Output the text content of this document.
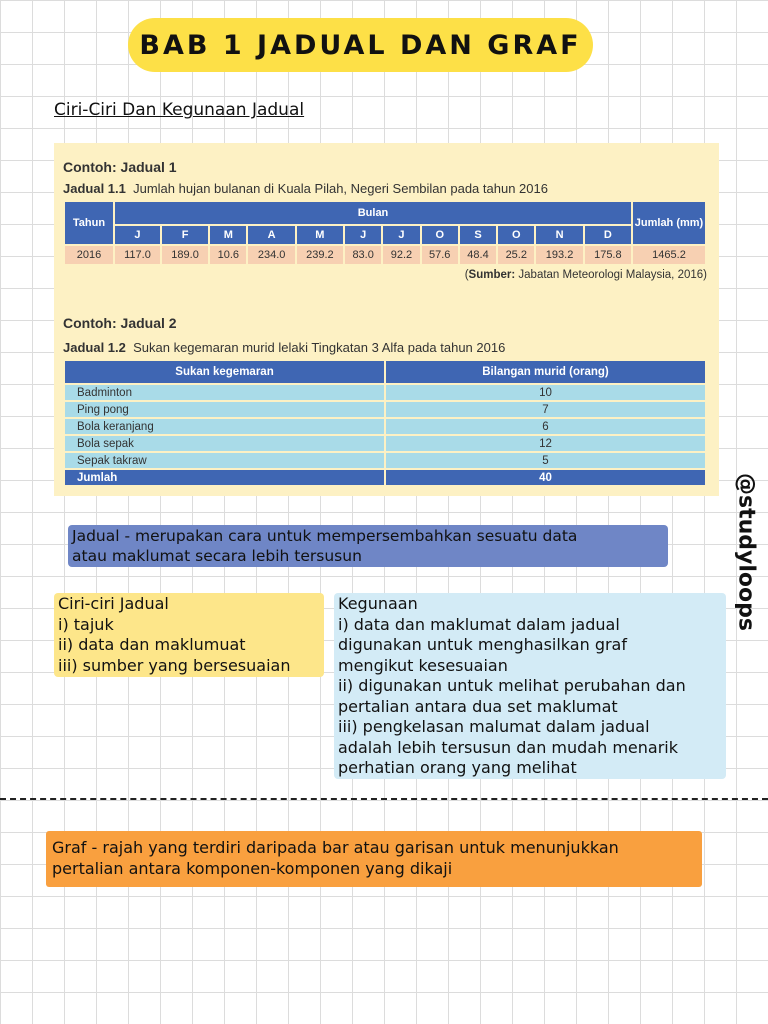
BAB 1 JADUAL DAN GRAF
Ciri-Ciri Dan Kegunaan Jadual
Contoh: Jadual 1
Jadual 1.1 Jumlah hujan bulanan di Kuala Pilah, Negeri Sembilan pada tahun 2016
Tahun	Bulan												Jumlah (mm)
	J	F	M	A	M	J	J	O	S	O	N	D	
2016	117.0	189.0	10.6	234.0	239.2	83.0	92.2	57.6	48.4	25.2	193.2	175.8	1465.2
(Sumber: Jabatan Meteorologi Malaysia, 2016)
Contoh: Jadual 2
Jadual 1.2 Sukan kegemaran murid lelaki Tingkatan 3 Alfa pada tahun 2016
Sukan kegemaran	Bilangan murid (orang)
Badminton	10
Ping pong	7
Bola keranjang	6
Bola sepak	12
Sepak takraw	5
Jumlah	40
Jadual - merupakan cara untuk mempersembahkan sesuatu data
atau maklumat secara lebih tersusun
Ciri-ciri Jadual
i) tajuk
ii) data dan maklumuat
iii) sumber yang bersesuaian
Kegunaan
i) data dan maklumat dalam jadual
digunakan untuk menghasilkan graf
mengikut kesesuaian
ii) digunakan untuk melihat perubahan dan
pertalian antara dua set maklumat
iii) pengkelasan malumat dalam jadual
adalah lebih tersusun dan mudah menarik
perhatian orang yang melihat
Graf - rajah yang terdiri daripada bar atau garisan untuk menunjukkan
pertalian antara komponen-komponen yang dikaji
@studyloops
